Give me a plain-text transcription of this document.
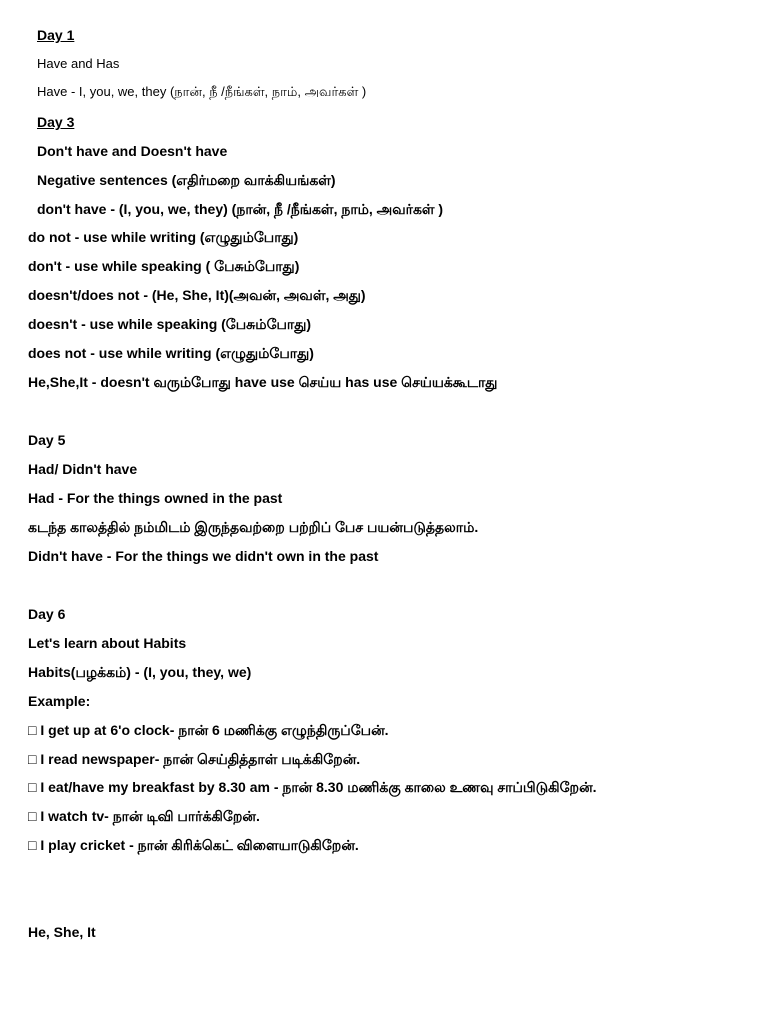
Day 1
Have and Has
Have - I, you, we, they (நான், நீ /நீங்கள், நாம், அவர்கள் )
Day 3
Don't have and Doesn't have
Negative sentences (எதிர்மறை வாக்கியங்கள்)
don't have - (I, you, we, they) (நான், நீ /நீங்கள், நாம், அவர்கள் )
do not - use while writing (எழுதும்போது)
don't - use while speaking ( பேசும்போது)
doesn't/does not - (He, She, It)(அவன், அவள், அது)
doesn't - use while speaking (பேசும்போது)
does not - use while writing (எழுதும்போது)
He,She,It - doesn't வரும்போது have use செய்ய has use செய்யக்கூடாது
Day 5
Had/ Didn't have
Had - For the things owned in the past
கடந்த காலத்தில் நம்மிடம் இருந்தவற்றை பற்றிப் பேச பயன்படுத்தலாம்.
Didn't have - For the things we didn't own in the past
Day 6
Let's learn about Habits
Habits(பழக்கம்) - (I, you, they, we)
Example:
□ I get up at 6'o clock- நான் 6 மணிக்கு எழுந்திருப்பேன்.
□ I read newspaper- நான் செய்தித்தாள் படிக்கிறேன்.
□ I eat/have my breakfast by 8.30 am - நான் 8.30 மணிக்கு காலை உணவு சாப்பிடுகிறேன்.
□ I watch tv- நான் டிவி பார்க்கிறேன்.
□ I play cricket - நான் கிரிக்கெட் விளையாடுகிறேன்.
He, She, It
